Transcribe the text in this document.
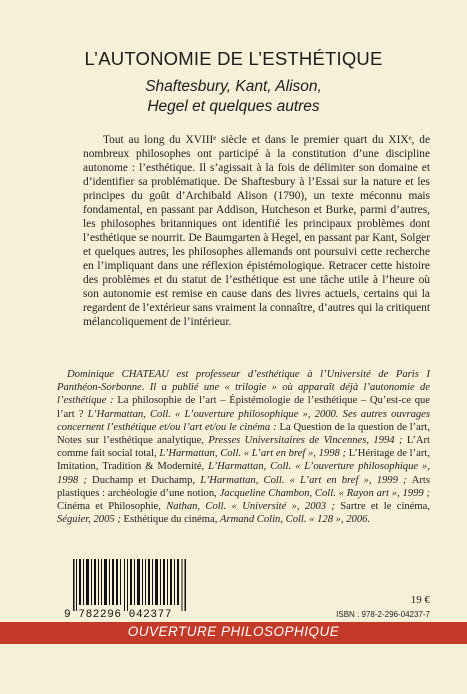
L’AUTONOMIE DE L’ESTHÉTIQUE
Shaftesbury, Kant, Alison,
Hegel et quelques autres

Tout au long du XVIIIᵉ siècle et dans le premier quart du XIXᵉ, de nombreux philosophes ont participé à la constitution d’une discipline autonome : l’esthétique. Il s’agissait à la fois de délimiter son domaine et d’identifier sa problématique. De Shaftesbury à l’Essai sur la nature et les principes du goût d’Archibald Alison (1790), un texte méconnu mais fondamental, en passant par Addison, Hutcheson et Burke, parmi d’autres, les philosophes britanniques ont identifié les principaux problèmes dont l’esthétique se nourrit. De Baumgarten à Hegel, en passant par Kant, Solger et quelques autres, les philosophes allemands ont poursuivi cette recherche en l’impliquant dans une réflexion épistémologique. Retracer cette histoire des problèmes et du statut de l’esthétique est une tâche utile à l’heure où son autonomie est remise en cause dans des livres actuels, certains qui la regardent de l’extérieur sans vraiment la connaître, d’autres qui la critiquent mélancoliquement de l’intérieur.

Dominique CHATEAU est professeur d’esthétique à l’Université de Paris I Panthéon-Sorbonne. Il a publié une « trilogie » où apparaît déjà l’autonomie de l’esthétique : La philosophie de l’art – Épistémologie de l’esthétique – Qu’est-ce que l’art ? L’Harmattan, Coll. « L’ouverture philosophique », 2000. Ses autres ouvrages concernent l’esthétique et/ou l’art et/ou le cinéma : La Question de la question de l’art, Notes sur l’esthétique analytique, Presses Universitaires de Vincennes, 1994 ; L’Art comme fait social total, L’Harmattan, Coll. « L’art en bref », 1998 ; L’Héritage de l’art, Imitation, Tradition & Modernité, L’Harmattan, Coll. « L’ouverture philosophique », 1998 ; Duchamp et Duchamp, L’Harmattan, Coll. « L’art en bref », 1999 ; Arts plastiques : archéologie d’une notion, Jacqueline Chambon, Coll. « Rayon art », 1999 ; Cinéma et Philosophie, Nathan, Coll. « Université », 2003 ; Sartre et le cinéma, Séguier, 2005 ; Esthétique du cinéma, Armand Colin, Coll. « 128 », 2006.

9 782296 042377
19 €
ISBN : 978-2-296-04237-7
OUVERTURE PHILOSOPHIQUE
